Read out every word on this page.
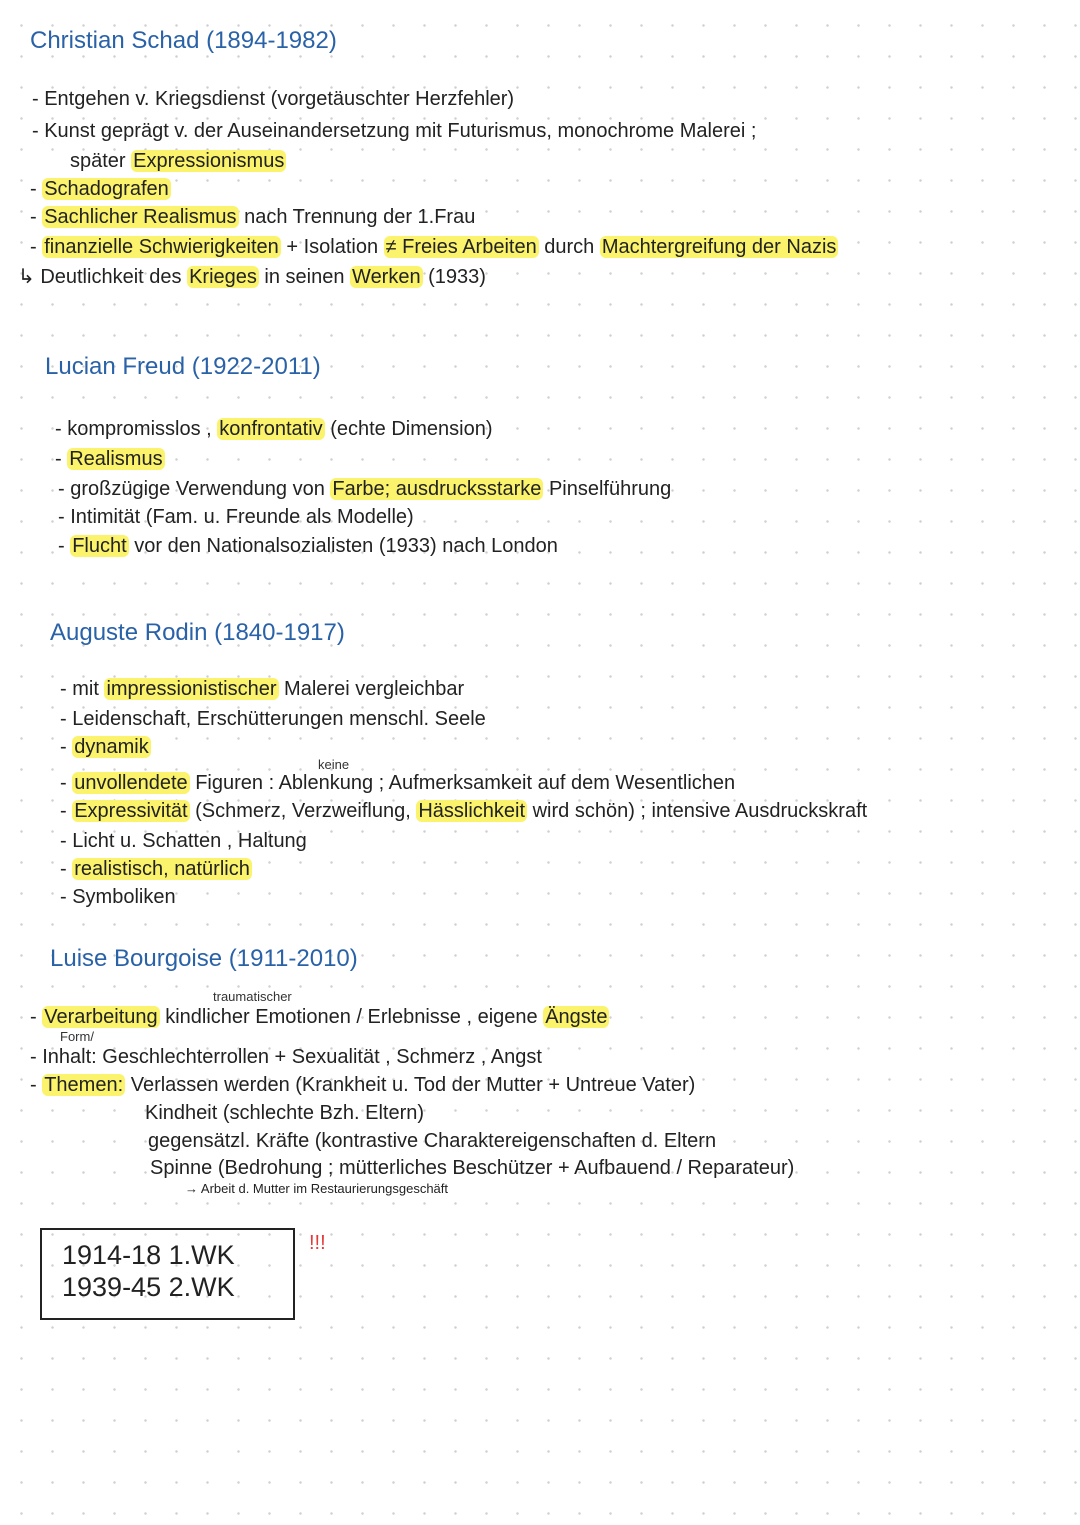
Christian Schad (1894-1982)
- Entgehen v. Kriegsdienst (vorgetäuschter Herzfehler)
- Kunst geprägt v. der Auseinandersetzung mit Futurismus, monochrome Malerei ;
später Expressionismus
- Schadografen
- Sachlicher Realismus nach Trennung der 1.Frau
- finanzielle Schwierigkeiten + Isolation ≠ Freies Arbeiten durch Machtergreifung der Nazis
↳ Deutlichkeit des Krieges in seinen Werken (1933)
Lucian Freud (1922-2011)
- kompromisslos , konfrontativ (echte Dimension)
- Realismus
- großzügige Verwendung von Farbe; ausdrucksstarke Pinselführung
- Intimität (Fam. u. Freunde als Modelle)
- Flucht vor den Nationalsozialisten (1933) nach London
Auguste Rodin (1840-1917)
- mit impressionistischer Malerei vergleichbar
- Leidenschaft, Erschütterungen menschl. Seele
- dynamik
- unvollendete Figuren : Ablenkung ; Aufmerksamkeit auf dem Wesentlichen
- Expressivität (Schmerz, Verzweiflung, Hässlichkeit wird schön) ; intensive Ausdruckskraft
- Licht u. Schatten , Haltung
- realistisch, natürlich
- Symboliken
Luise Bourgoise (1911-2010)
- Verarbeitung kindlicher Emotionen / Erlebnisse , eigene Ängste
- Inhalt: Geschlechterrollen + Sexualität , Schmerz , Angst
- Themen: Verlassen werden (Krankheit u. Tod der Mutter + Untreue Vater)
Kindheit (schlechte Bzh. Eltern)
gegensätzl. Kräfte (kontrastive Charaktereigenschaften d. Eltern
Spinne (Bedrohung ; mütterliches Beschützer + Aufbauend / Reparateur)
→ Arbeit d. Mutter im Restaurierungsgeschäft
keine
traumatischer
Form/
1914-18 1.WK
1939-45 2.WK
!!!
